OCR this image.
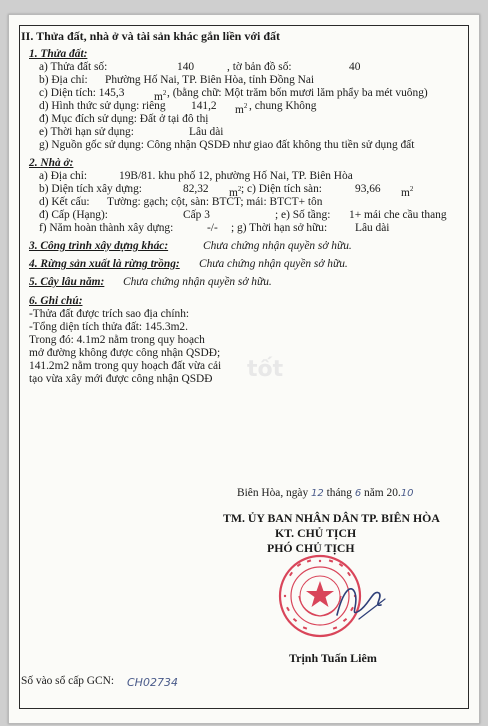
II. Thửa đất, nhà ở và tài sản khác gắn liền với đất
1. Thửa đất:
a) Thửa đất số:	140	, tờ bản đồ số:	40
b) Địa chỉ: Phường Hố Nai, TP. Biên Hòa, tỉnh Đồng Nai
c) Diện tích: 145,3	$m^2$ , (bằng chữ: Một trăm bốn mươi lăm phẩy ba mét vuông)
d) Hình thức sử dụng: riêng 141,2 $m^2$ , chung Không
đ) Mục đích sử dụng: Đất ở tại đô thị
e) Thời hạn sử dụng:	Lâu dài
g) Nguồn gốc sử dụng: Công nhận QSDĐ như giao đất không thu tiền sử dụng đất
2. Nhà ở:
a) Địa chỉ:	19B/81. khu phố 12, phường Hố Nai, TP. Biên Hòa
b) Diện tích xây dựng:	82,32 $m^2$ ; c) Diện tích sàn:	93,66 $m^2$
d) Kết cấu: Tường: gạch; cột, sàn: BTCT; mái: BTCT+ tôn
đ) Cấp (Hạng):	Cấp 3	; e) Số tầng: 1+ mái che cầu thang
f) Năm hoàn thành xây dựng:	-/- ; g) Thời hạn sở hữu: Lâu dài
3. Công trình xây dựng khác:	Chưa chứng nhận quyền sở hữu.
4. Rừng sản xuất là rừng trồng: Chưa chứng nhận quyền sở hữu.
5. Cây lâu năm: Chưa chứng nhận quyền sở hữu.
6. Ghi chú:
-Thửa đất được trích sao địa chính:
-Tổng diện tích thửa đất: 145.3m2.
Trong đó: 4.1m2 nằm trong quy hoạch
mở đường không được công nhận QSDĐ;
141.2m2 nằm trong quy hoạch đất vừa cải
tạo vừa xây mới được công nhận QSDĐ tốt
Biên Hòa, ngày 12 tháng 6 năm 20.10
TM. ỦY BAN NHÂN DÂN TP. BIÊN HÒA
KT. CHỦ TỊCH
PHÓ CHỦ TỊCH
Trịnh Tuấn Liêm
Số vào sổ cấp GCN: CH02734
